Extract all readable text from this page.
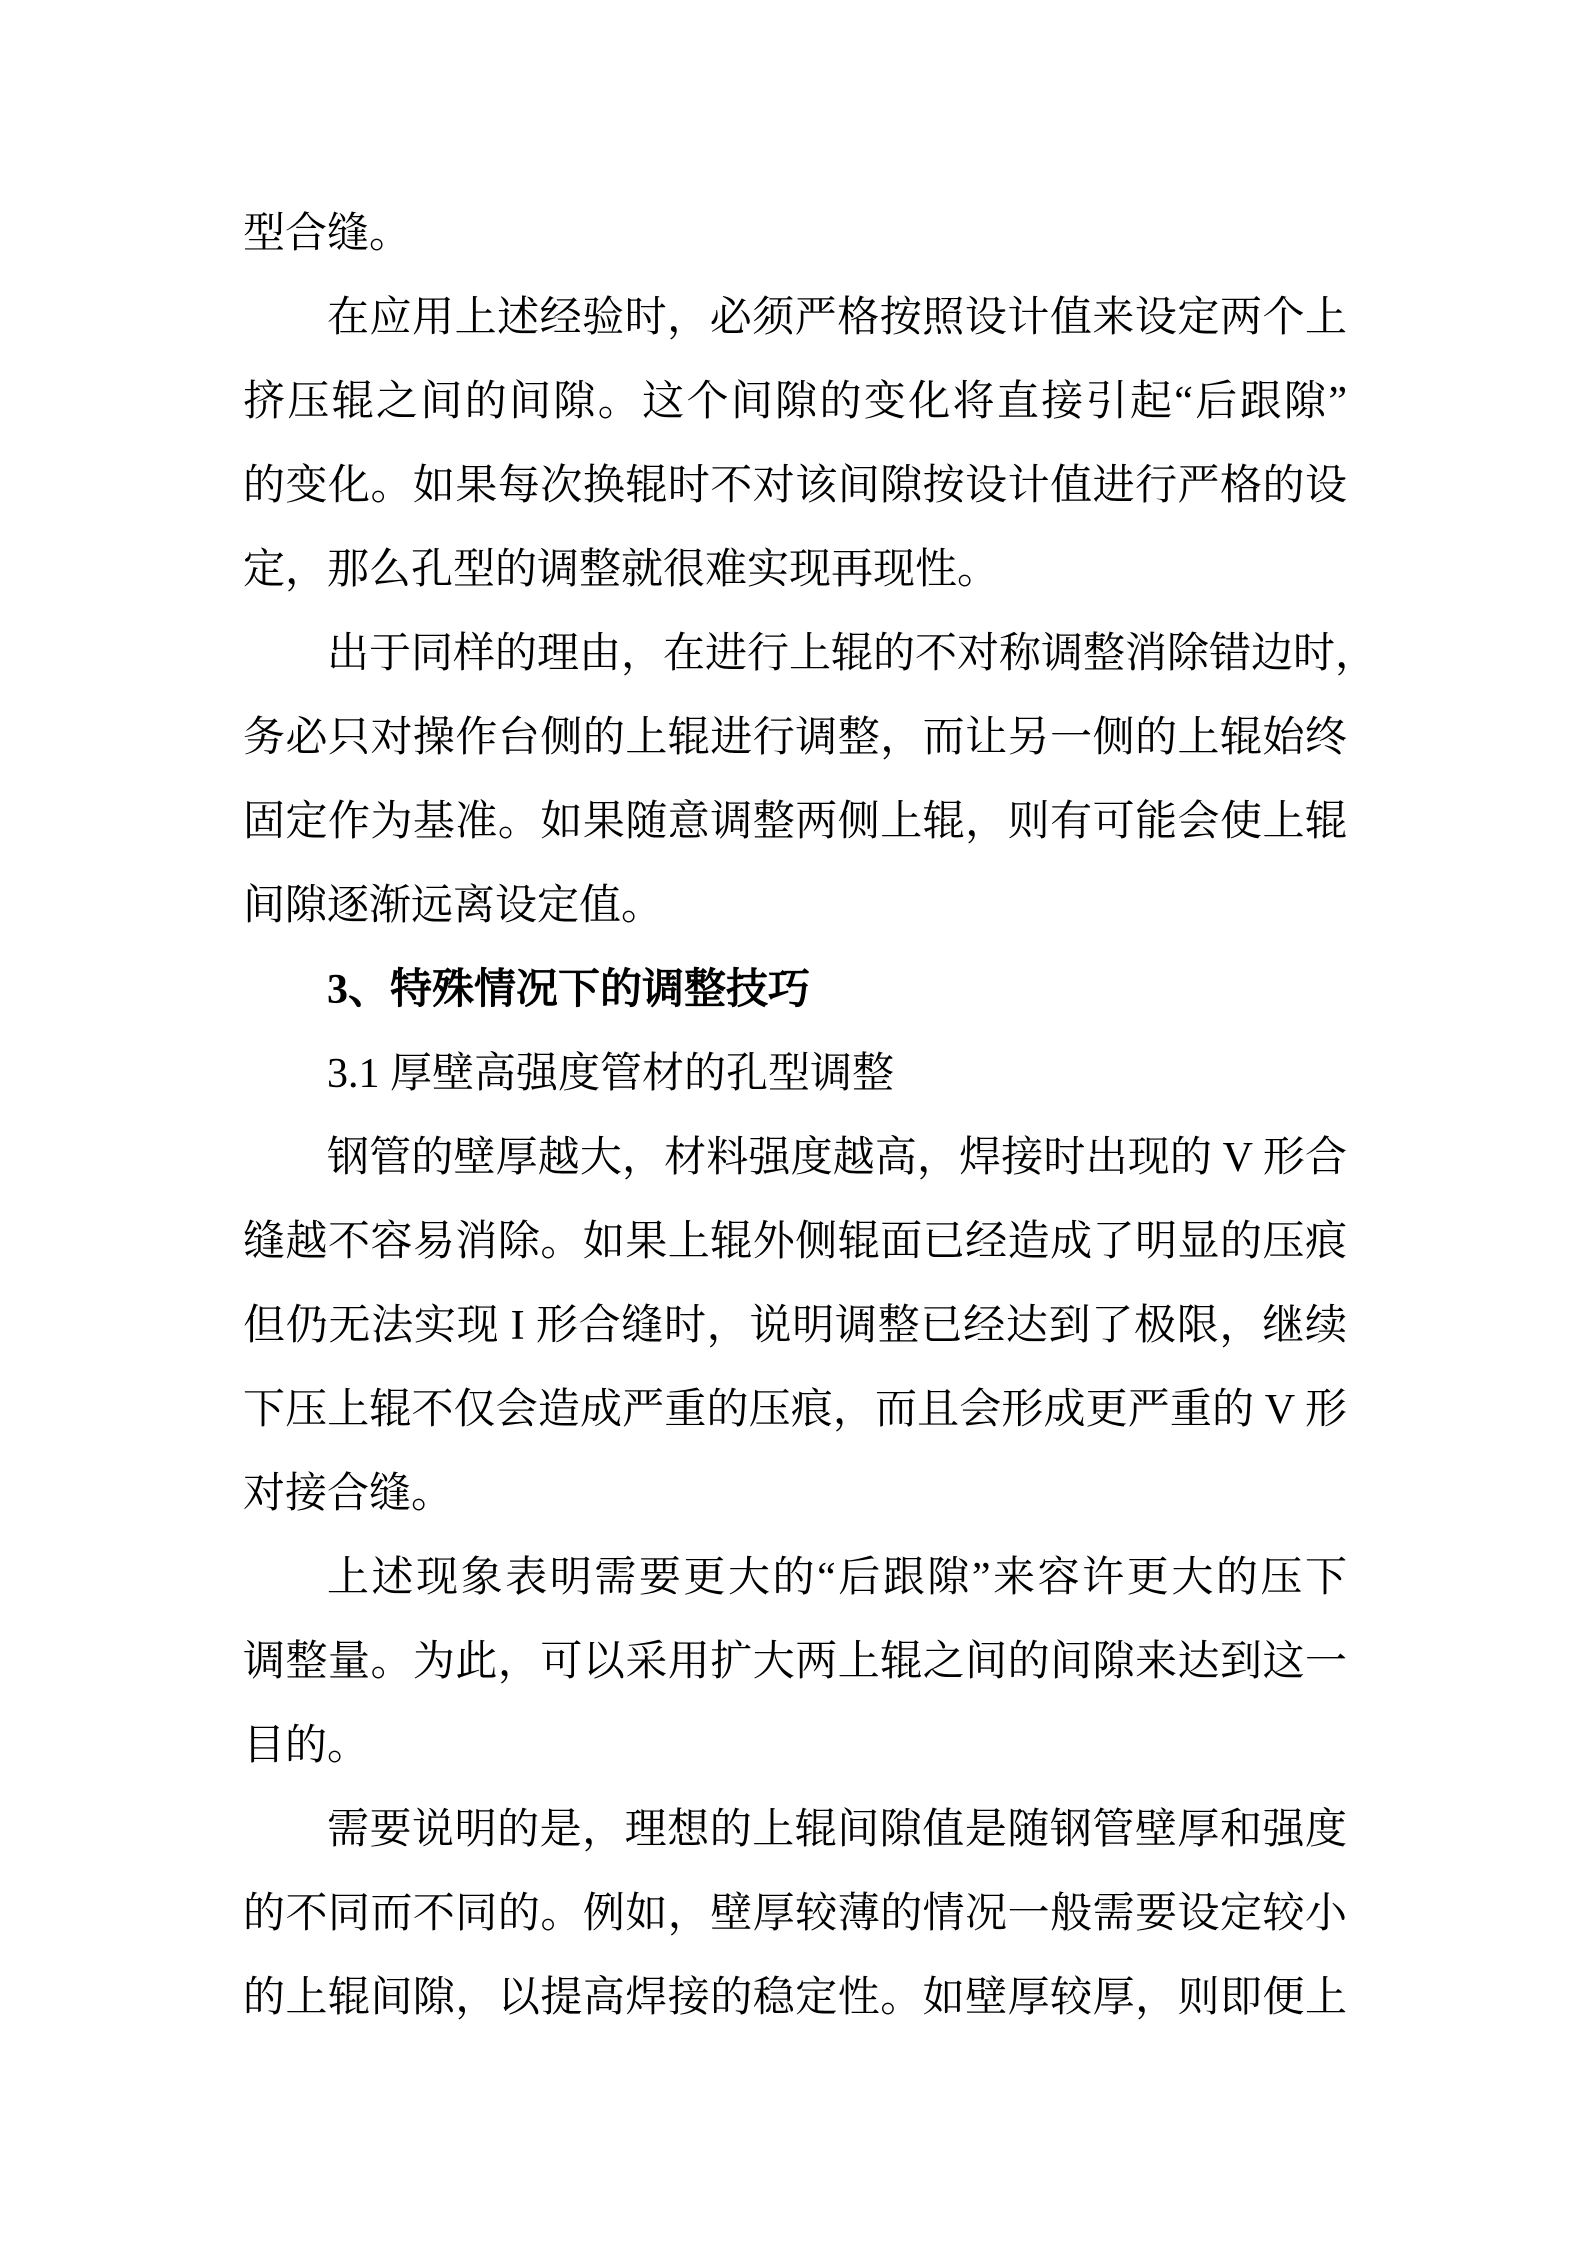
型合缝。
在应用上述经验时，必须严格按照设计值来设定两个上
挤压辊之间的间隙。这个间隙的变化将直接引起“后跟隙”
的变化。如果每次换辊时不对该间隙按设计值进行严格的设
定，那么孔型的调整就很难实现再现性。
出于同样的理由，在进行上辊的不对称调整消除错边时，
务必只对操作台侧的上辊进行调整，而让另一侧的上辊始终
固定作为基准。如果随意调整两侧上辊，则有可能会使上辊
间隙逐渐远离设定值。
3、特殊情况下的调整技巧
3.1 厚壁高强度管材的孔型调整
钢管的壁厚越大，材料强度越高，焊接时出现的 V 形合
缝越不容易消除。如果上辊外侧辊面已经造成了明显的压痕
但仍无法实现 I 形合缝时，说明调整已经达到了极限，继续
下压上辊不仅会造成严重的压痕，而且会形成更严重的 V 形
对接合缝。
上述现象表明需要更大的“后跟隙”来容许更大的压下
调整量。为此，可以采用扩大两上辊之间的间隙来达到这一
目的。
需要说明的是，理想的上辊间隙值是随钢管壁厚和强度
的不同而不同的。例如，壁厚较薄的情况一般需要设定较小
的上辊间隙，以提高焊接的稳定性。如壁厚较厚，则即便上
